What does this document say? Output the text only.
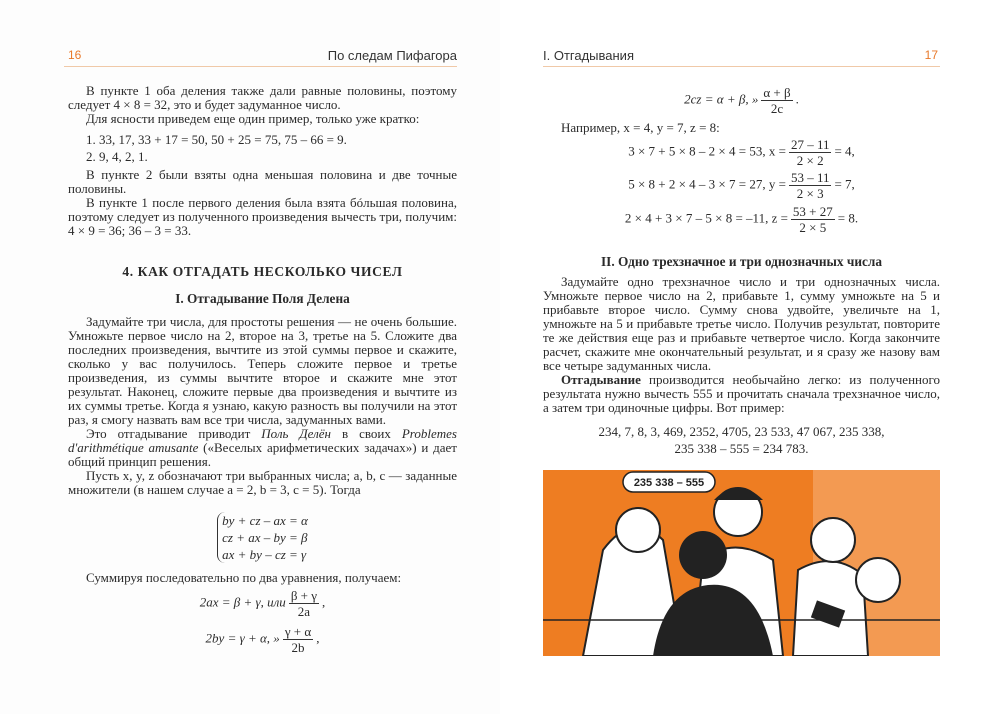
16	По следам Пифагора	I. Отгадывания	17

В пункте 1 оба деления также дали равные половины, поэтому следует 4 × 8 = 32, это и будет задуманное число.

Для ясности приведем еще один пример, только уже кратко:

1. 33, 17, 33 + 17 = 50, 50 + 25 = 75, 75 – 66 = 9.
2. 9, 4, 2, 1.

В пункте 2 были взяты одна меньшая половина и две точные половины.

В пункте 1 после первого деления была взята бóльшая половина, поэтому следует из полученного произведения вычесть три, получим: 4 × 9 = 36; 36 – 3 = 33.

4. КАК ОТГАДАТЬ НЕСКОЛЬКО ЧИСЕЛ
I. Отгадывание Поля Делена

Задумайте три числа, для простоты решения — не очень большие. Умножьте первое число на 2, второе на 3, третье на 5. Сложите два последних произведения, вычтите из этой суммы первое и скажите, сколько у вас получилось. Теперь сложите первое и третье произведения, из суммы вычтите второе и скажите мне этот результат. Наконец, сложите первые два произведения и вычтите из их суммы третье. Когда я узнаю, какую разность вы получили на этот раз, я смогу назвать вам все три числа, задуманных вами.

Это отгадывание приводит Поль Делён в своих Problemes d'arithmétique amusante («Веселых арифметических задачах») и дает общий принцип решения.

Пусть x, y, z обозначают три выбранных числа; a, b, c — заданные множители (в нашем случае a = 2, b = 3, c = 5). Тогда

by + cz – ax = α
cz + ax – by = β
ax + by – cz = γ
Суммируя последовательно по два уравнения, получаем:
2ax = β + γ, или $\frac{\beta + \gamma}{2a}$ ,
2by = γ + α, » $\frac{\gamma + \alpha}{2b}$ ,
2cz = α + β, » $\frac{\alpha + \beta}{2c}$ .
Например, x = 4, y = 7, z = 8:
3 × 7 + 5 × 8 – 2 × 4 = 53, $x = \frac{27 - 11}{2 \times 2} = 4$,
5 × 8 + 2 × 4 – 3 × 7 = 27, $y = \frac{53 - 11}{2 \times 3} = 7$,
2 × 4 + 3 × 7 – 5 × 8 = –11, $z = \frac{53 + 27}{2 \times 5} = 8$.
II. Одно трехзначное и три однозначных числа

Задумайте одно трехзначное число и три однозначных числа. Умножьте первое число на 2, прибавьте 1, сумму умножьте на 5 и прибавьте второе число. Сумму снова удвойте, увеличьте на 1, умножьте на 5 и прибавьте третье число. Получив результат, повторите те же действия еще раз и прибавьте четвертое число. Когда закончите расчет, скажите мне окончательный результат, и я сразу же назову вам все четыре задуманных числа.

Отгадывание производится необычайно легко: из полученного результата нужно вычесть 555 и прочитать сначала трехзначное число, а затем три одиночные цифры. Вот пример:

234, 7, 8, 3, 469, 2352, 4705, 23 533, 47 067, 235 338,
235 338 – 555 = 234 783.
235 338 – 555
